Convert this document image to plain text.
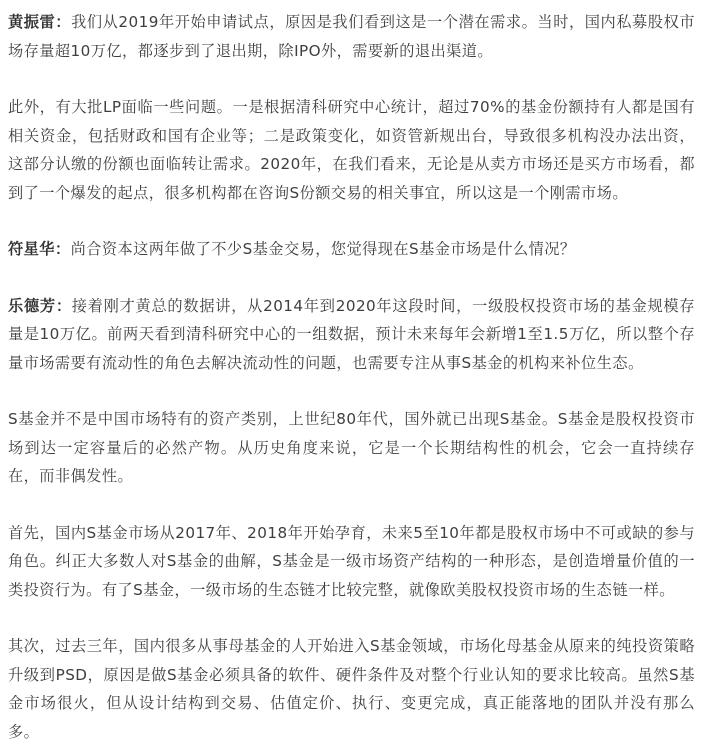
黄振雷：我们从2019年开始申请试点，原因是我们看到这是一个潜在需求。当时，国内私募股权市场存量超10万亿，都逐步到了退出期，除IPO外，需要新的退出渠道。

此外，有大批LP面临一些问题。一是根据清科研究中心统计，超过70%的基金份额持有人都是国有相关资金，包括财政和国有企业等；二是政策变化，如资管新规出台，导致很多机构没办法出资，这部分认缴的份额也面临转让需求。2020年，在我们看来，无论是从卖方市场还是买方市场看，都到了一个爆发的起点，很多机构都在咨询S份额交易的相关事宜，所以这是一个刚需市场。

符星华：尚合资本这两年做了不少S基金交易，您觉得现在S基金市场是什么情况？

乐德芳：接着刚才黄总的数据讲，从2014年到2020年这段时间，一级股权投资市场的基金规模存量是10万亿。前两天看到清科研究中心的一组数据，预计未来每年会新增1至1.5万亿，所以整个存量市场需要有流动性的角色去解决流动性的问题，也需要专注从事S基金的机构来补位生态。

S基金并不是中国市场特有的资产类别，上世纪80年代，国外就已出现S基金。S基金是股权投资市场到达一定容量后的必然产物。从历史角度来说，它是一个长期结构性的机会，它会一直持续存在，而非偶发性。

首先，国内S基金市场从2017年、2018年开始孕育，未来5至10年都是股权市场中不可或缺的参与角色。纠正大多数人对S基金的曲解，S基金是一级市场资产结构的一种形态，是创造增量价值的一类投资行为。有了S基金，一级市场的生态链才比较完整，就像欧美股权投资市场的生态链一样。

其次，过去三年，国内很多从事母基金的人开始进入S基金领域，市场化母基金从原来的纯投资策略升级到PSD，原因是做S基金必须具备的软件、硬件条件及对整个行业认知的要求比较高。虽然S基金市场很火，但从设计结构到交易、估值定价、执行、变更完成，真正能落地的团队并没有那么多。
